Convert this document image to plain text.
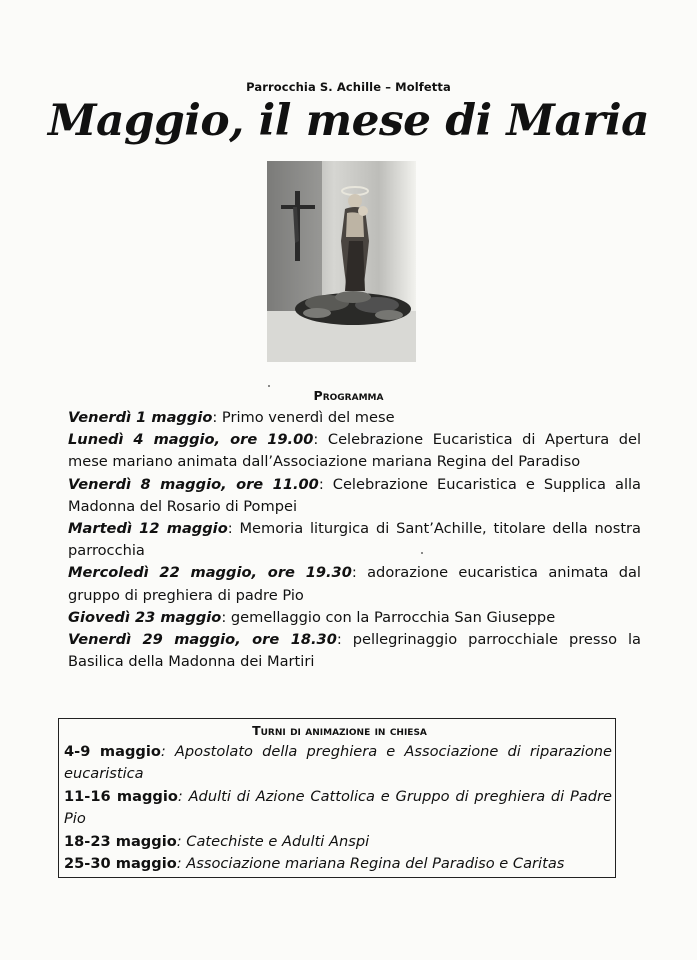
Parrocchia S. Achille – Molfetta
Maggio, il mese di Maria
Programma

Venerdì 1 maggio: Primo venerdì del mese

Lunedì 4 maggio, ore 19.00: Celebrazione Eucaristica di Apertura del mese mariano animata dall’Associazione mariana Regina del Paradiso

Venerdì 8 maggio, ore 11.00: Celebrazione Eucaristica e Supplica alla Madonna del Rosario di Pompei

Martedì 12 maggio: Memoria liturgica di Sant’Achille, titolare della nostra parrocchia

Mercoledì 22 maggio, ore 19.30: adorazione eucaristica animata dal gruppo di preghiera di padre Pio

Giovedì 23 maggio: gemellaggio con la Parrocchia San Giuseppe

Venerdì 29 maggio, ore 18.30: pellegrinaggio parrocchiale presso la Basilica della Madonna dei Martiri

Turni di animazione in chiesa
4-9 maggio: Apostolato della preghiera e Associazione di riparazione eucaristica
11-16 maggio: Adulti di Azione Cattolica e Gruppo di preghiera di Padre Pio
18-23 maggio: Catechiste e Adulti Anspi
25-30 maggio: Associazione mariana Regina del Paradiso e Caritas
